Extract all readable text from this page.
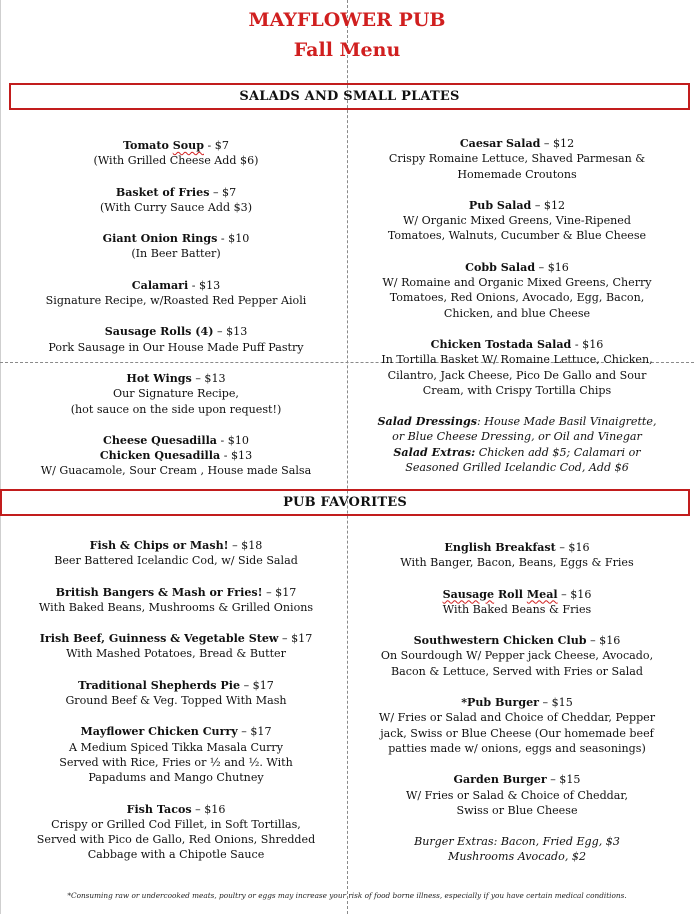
MAYFLOWER PUB
Fall Menu
SALADS AND SMALL PLATES
Tomato Soup - $7
(With Grilled Cheese Add $6)
Basket of Fries – $7
(With Curry Sauce Add $3)
Giant Onion Rings - $10
(In Beer Batter)
Calamari - $13
Signature Recipe, w/Roasted Red Pepper Aioli
Sausage Rolls (4) – $13
Pork Sausage in Our House Made Puff Pastry
Hot Wings – $13
Our Signature Recipe,
(hot sauce on the side upon request!)
Cheese Quesadilla - $10
Chicken Quesadilla - $13
W/ Guacamole, Sour Cream , House made Salsa
Caesar Salad – $12
Crispy Romaine Lettuce, Shaved Parmesan &
Homemade Croutons
Pub Salad – $12
W/ Organic Mixed Greens, Vine-Ripened
Tomatoes, Walnuts, Cucumber & Blue Cheese
Cobb Salad – $16
W/ Romaine and Organic Mixed Greens, Cherry
Tomatoes, Red Onions, Avocado, Egg, Bacon,
Chicken, and blue Cheese
Chicken Tostada Salad - $16
In Tortilla Basket W/ Romaine Lettuce, Chicken,
Cilantro, Jack Cheese, Pico De Gallo and Sour
Cream, with Crispy Tortilla Chips
Salad Dressings: House Made Basil Vinaigrette,
or Blue Cheese Dressing, or Oil and Vinegar
Salad Extras: Chicken add $5; Calamari or
Seasoned Grilled Icelandic Cod, Add $6
PUB FAVORITES
Fish & Chips or Mash! – $18
Beer Battered Icelandic Cod, w/ Side Salad
British Bangers & Mash or Fries! – $17
With Baked Beans, Mushrooms & Grilled Onions
Irish Beef, Guinness & Vegetable Stew – $17
With Mashed Potatoes, Bread & Butter
Traditional Shepherds Pie – $17
Ground Beef & Veg. Topped With Mash
Mayflower Chicken Curry – $17
A Medium Spiced Tikka Masala Curry
Served with Rice, Fries or ½ and ½. With
Papadums and Mango Chutney
Fish Tacos – $16
Crispy or Grilled Cod Fillet, in Soft Tortillas,
Served with Pico de Gallo, Red Onions, Shredded
Cabbage with a Chipotle Sauce
English Breakfast – $16
With Banger, Bacon, Beans, Eggs & Fries
Sausage Roll Meal – $16
With Baked Beans & Fries
Southwestern Chicken Club – $16
On Sourdough W/ Pepper jack Cheese, Avocado,
Bacon & Lettuce, Served with Fries or Salad
*Pub Burger – $15
W/ Fries or Salad and Choice of Cheddar, Pepper
jack, Swiss or Blue Cheese (Our homemade beef
patties made w/ onions, eggs and seasonings)
Garden Burger – $15
W/ Fries or Salad & Choice of Cheddar,
Swiss or Blue Cheese
Burger Extras: Bacon, Fried Egg, $3
Mushrooms Avocado, $2
*Consuming raw or undercooked meats, poultry or eggs may increase your risk of food borne illness, especially if you have certain medical conditions.
